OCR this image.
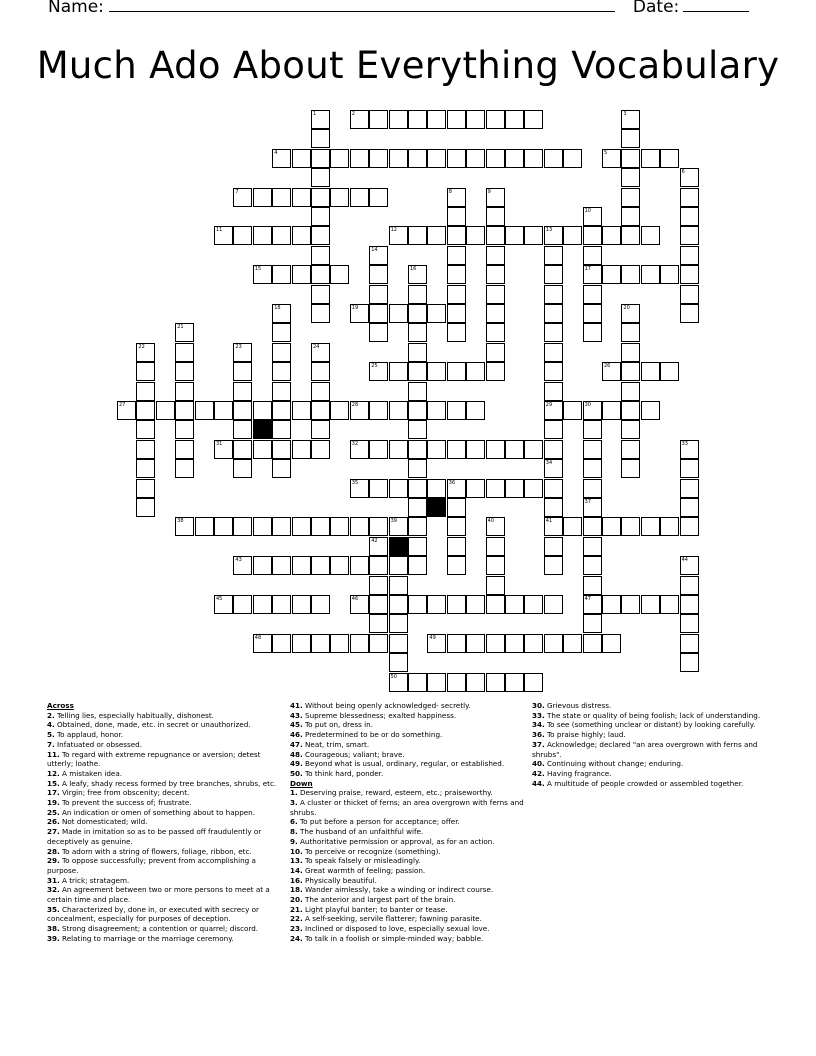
Name:	Date:
Much Ado About Everything Vocabulary
2
4	5
7
11	12	13
15	17
19
25	26
27	28	29	30
31	32
35	36
38	41
43
45	46	47
48	49
50
1	3
6
8	9
10
14
16
18	20
21
22	23	24
37
33
34
39	40
42
44
Across
2. Telling lies, especially habitually, dishonest.
4. Obtained, done, made, etc. in secret or unauthorized.
5. To applaud, honor.
7. Infatuated or obsessed.
11. To regard with extreme repugnance or aversion; detest utterly; loathe.
12. A mistaken idea.
15. A leafy, shady recess formed by tree branches, shrubs, etc.
17. Virgin; free from obscenity; decent.
19. To prevent the success of; frustrate.
25. An indication or omen of something about to happen.
26. Not domesticated; wild.
27. Made in imitation so as to be passed off fraudulently or deceptively as genuine.
28. To adorn with a string of flowers, foliage, ribbon, etc.
29. To oppose successfully; prevent from accomplishing a purpose.
31. A trick; stratagem.
32. An agreement between two or more persons to meet at a certain time and place.
35. Characterized by, done in, or executed with secrecy or concealment, especially for purposes of deception.
38. Strong disagreement; a contention or quarrel; discord.
39. Relating to marriage or the marriage ceremony.
41. Without being openly acknowledged- secretly.
43. Supreme blessedness; exalted happiness.
45. To put on, dress in.
46. Predetermined to be or do something.
47. Neat, trim, smart.
48. Courageous; valiant; brave.
49. Beyond what is usual, ordinary, regular, or established.
50. To think hard, ponder.
Down
1. Deserving praise, reward, esteem, etc.; praiseworthy.
3. A cluster or thicket of ferns; an area overgrown with ferns and shrubs.
6. To put before a person for acceptance; offer.
8. The husband of an unfaithful wife.
9. Authoritative permission or approval, as for an action.
10. To perceive or recognize (something).
13. To speak falsely or misleadingly.
14. Great warmth of feeling; passion.
16. Physically beautiful.
18. Wander aimlessly, take a winding or indirect course.
20. The anterior and largest part of the brain.
21. Light playful banter; to banter or tease.
22. A self-seeking, servile flatterer; fawning parasite.
23. Inclined or disposed to love, especially sexual love.
24. To talk in a foolish or simple-minded way; babble.
30. Grievous distress.
33. The state or quality of being foolish; lack of understanding.
34. To see (something unclear or distant) by looking carefully.
36. To praise highly; laud.
37. Acknowledge; declared "an area overgrown with ferns and shrubs".
40. Continuing without change; enduring.
42. Having fragrance.
44. A multitude of people crowded or assembled together.
